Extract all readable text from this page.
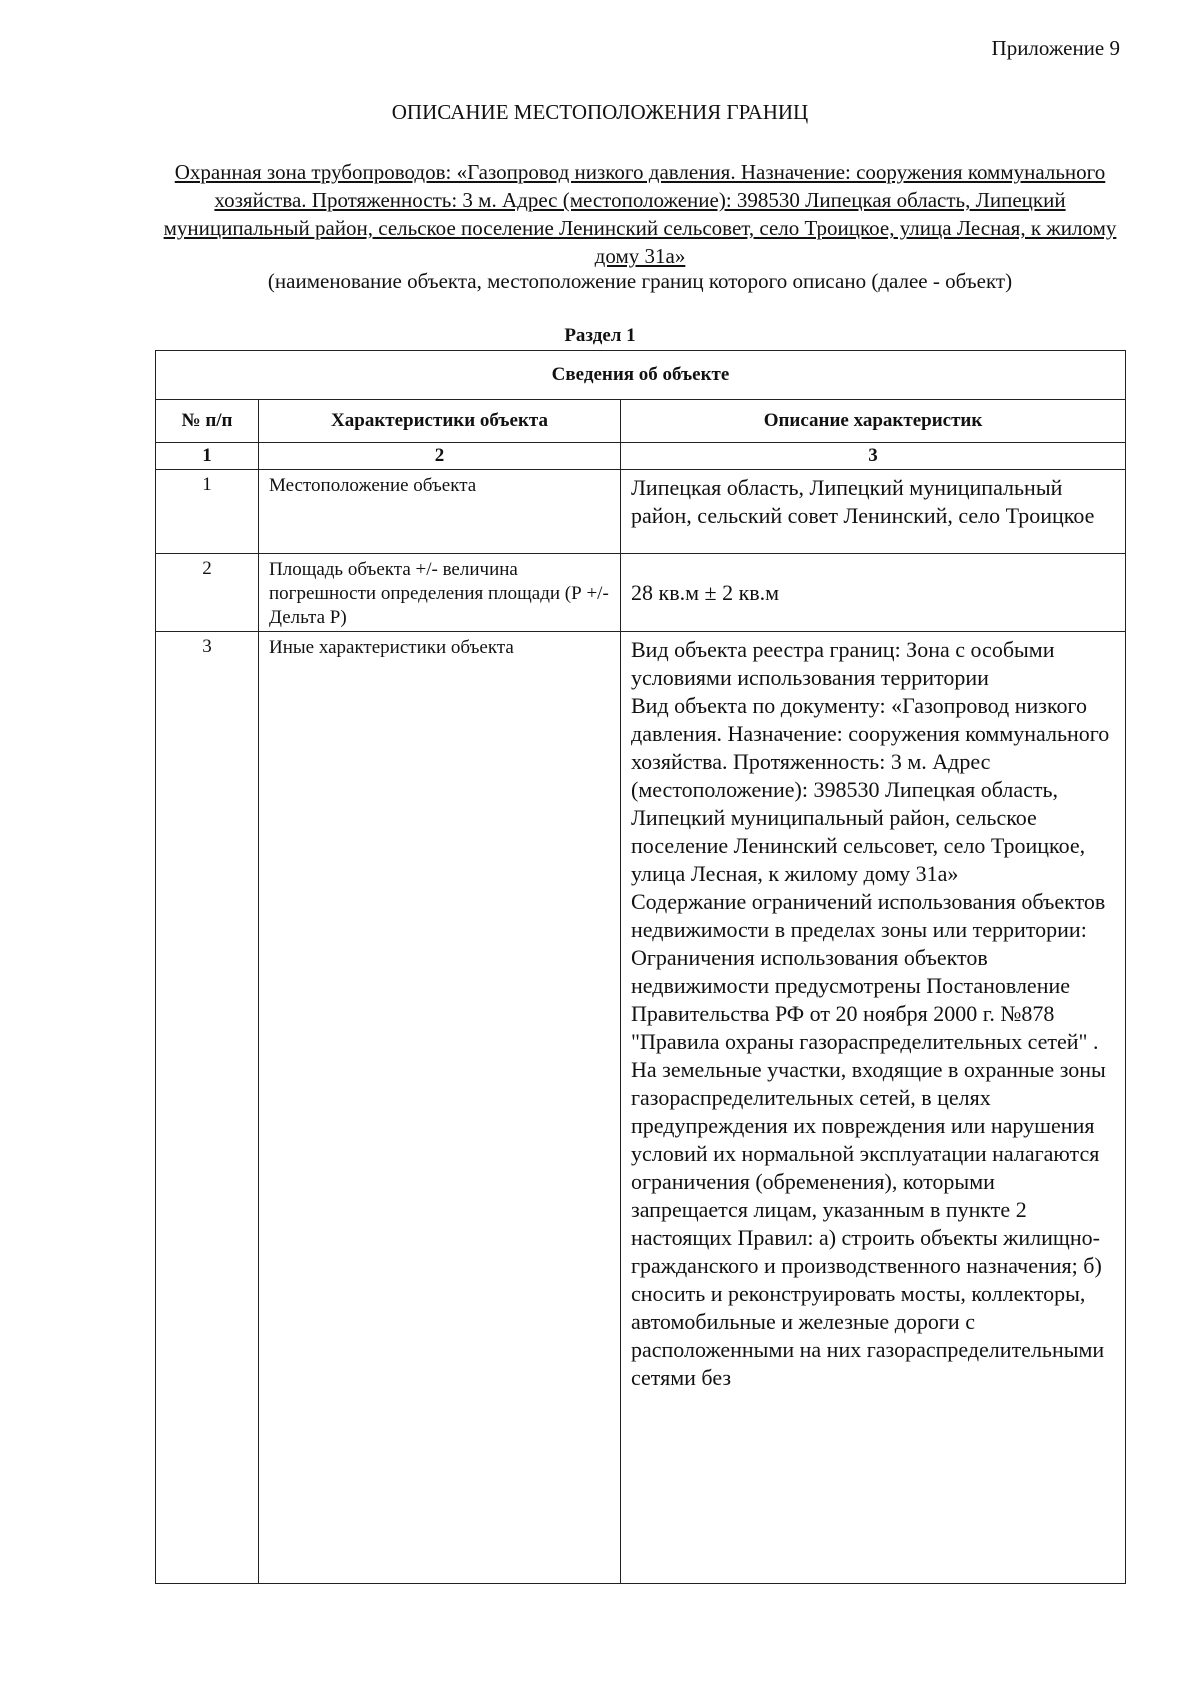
Приложение 9
ОПИСАНИЕ МЕСТОПОЛОЖЕНИЯ ГРАНИЦ
Охранная зона трубопроводов: «Газопровод низкого давления. Назначение: сооружения коммунального хозяйства. Протяженность: 3 м. Адрес (местоположение): 398530 Липецкая область, Липецкий муниципальный район, сельское поселение Ленинский сельсовет, село Троицкое, улица Лесная, к жилому дому 31а»
(наименование объекта, местоположение границ которого описано (далее - объект)
Раздел 1
Сведения об объекте		
№ п/п	Характеристики объекта	Описание характеристик
1	2	3
1	Местоположение объекта	Липецкая область, Липецкий муниципальный район, сельский совет Ленинский, село Троицкое
2	Площадь объекта +/- величина погрешности определения площади (Р +/- Дельта Р)	28 кв.м ± 2 кв.м
3	Иные характеристики объекта	Вид объекта реестра границ: Зона с особыми условиями использования территории
Вид объекта по документу: «Газопровод низкого давления. Назначение: сооружения коммунального хозяйства. Протяженность: 3 м. Адрес (местоположение): 398530 Липецкая область, Липецкий муниципальный район, сельское поселение Ленинский сельсовет, село Троицкое, улица Лесная, к жилому дому 31а»
Содержание ограничений использования объектов недвижимости в пределах зоны или территории: Ограничения использования объектов недвижимости предусмотрены Постановление Правительства РФ от 20 ноября 2000 г. №878 "Правила охраны газораспределительных сетей" . На земельные участки, входящие в охранные зоны газораспределительных сетей, в целях предупреждения их повреждения или нарушения условий их нормальной эксплуатации налагаются ограничения (обременения), которыми запрещается лицам, указанным в пункте 2 настоящих Правил: а) строить объекты жилищно-гражданского и производственного назначения; б) сносить и реконструировать мосты, коллекторы, автомобильные и железные дороги с расположенными на них газораспределительными сетями без
